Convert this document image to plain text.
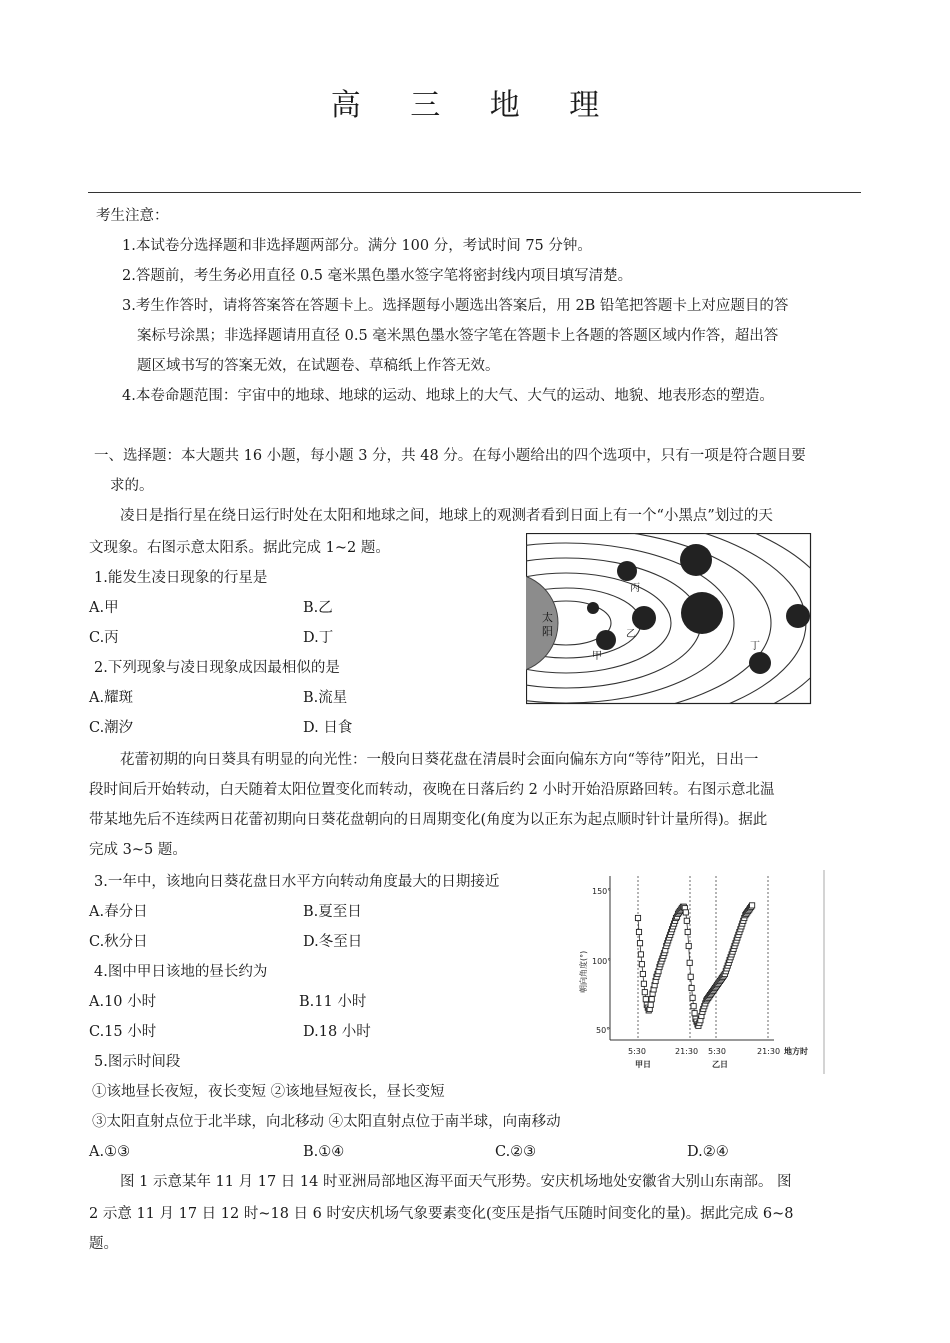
高 三 地 理
考生注意：
1.本试卷分选择题和非选择题两部分。满分 100 分，考试时间 75 分钟。
2.答题前，考生务必用直径 0.5 毫米黑色墨水签字笔将密封线内项目填写清楚。
3.考生作答时，请将答案答在答题卡上。选择题每小题选出答案后，用 2B 铅笔把答题卡上对应题目的答
案标号涂黑；非选择题请用直径 0.5 毫米黑色墨水签字笔在答题卡上各题的答题区域内作答，超出答
题区域书写的答案无效，在试题卷、草稿纸上作答无效。
4.本卷命题范围：宇宙中的地球、地球的运动、地球上的大气、大气的运动、地貌、地表形态的塑造。
一、选择题：本大题共 16 小题，每小题 3 分，共 48 分。在每小题给出的四个选项中，只有一项是符合题目要
求的。
凌日是指行星在绕日运行时处在太阳和地球之间，地球上的观测者看到日面上有一个“小黑点”划过的天
文现象。右图示意太阳系。据此完成 1~2 题。
1.能发生凌日现象的行星是
A.甲	B.乙
C.丙	D.丁
2.下列现象与凌日现象成因最相似的是
A.耀斑	B.流星
C.潮汐	D. 日食
太
阳
甲
乙
丙
丁
花蕾初期的向日葵具有明显的向光性：一般向日葵花盘在清晨时会面向偏东方向“等待”阳光，日出一
段时间后开始转动，白天随着太阳位置变化而转动，夜晚在日落后约 2 小时开始沿原路回转。右图示意北温
带某地先后不连续两日花蕾初期向日葵花盘朝向的日周期变化(角度为以正东为起点顺时针计量所得)。据此
完成 3~5 题。
3.一年中，该地向日葵花盘日水平方向转动角度最大的日期接近
A.春分日	B.夏至日
C.秋分日	D.冬至日
4.图中甲日该地的昼长约为
A.10 小时	B.11 小时
C.15 小时	D.18 小时
5.图示时间段
①该地昼长夜短，夜长变短 ②该地昼短夜长，昼长变短
③太阳直射点位于北半球，向北移动 ④太阳直射点位于南半球，向南移动
A.①③	B.①④	C.②③	D.②④
150°
100°
50°
朝向角度(°)
5:30	21:30 5:30	21:30 地方时
甲日	乙日
图 1 示意某年 11 月 17 日 14 时亚洲局部地区海平面天气形势。安庆机场地处安徽省大别山东南部。 图
2 示意 11 月 17 日 12 时~18 日 6 时安庆机场气象要素变化(变压是指气压随时间变化的量)。据此完成 6~8
题。
